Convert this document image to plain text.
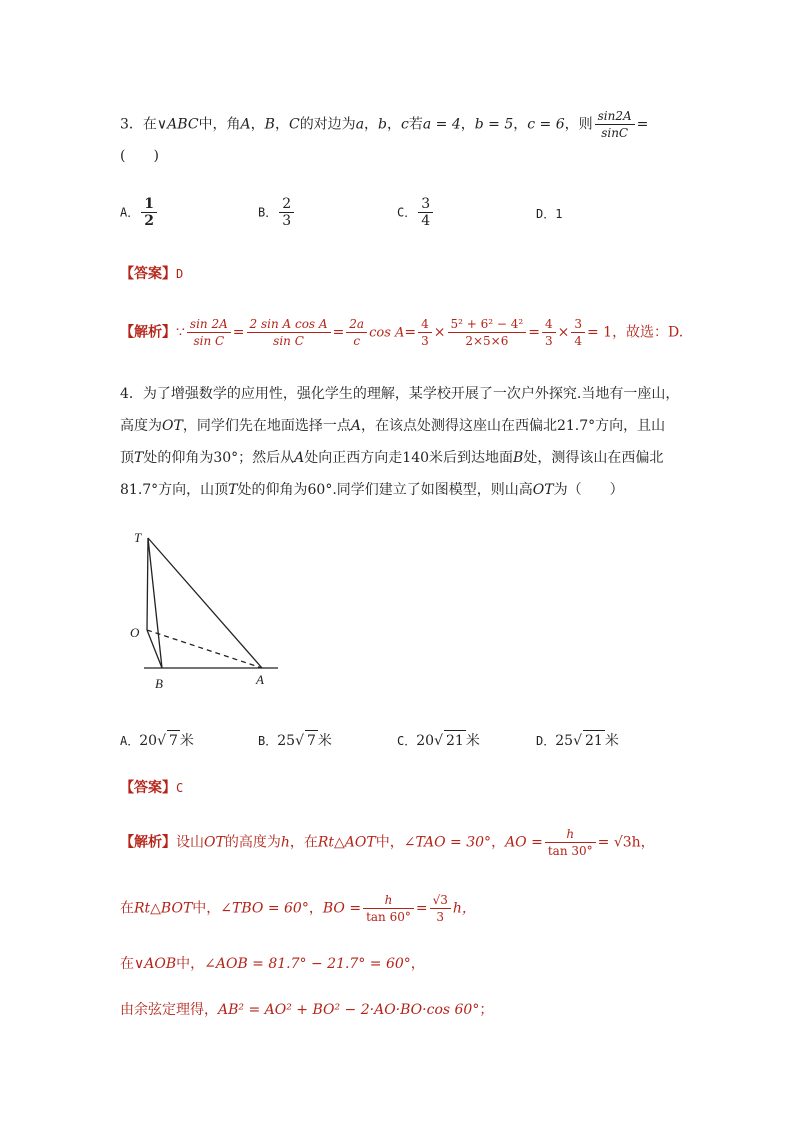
3．在∨ABC中，角A，B，C的对边为a，b，c若a = 4，b = 5，c = 6，则 $\frac{\sin 2A}{\sin C}$ =
(　　)
A． $\frac{1}{2}$	B． $\frac{2}{3}$	C． $\frac{3}{4}$	D．1
【答案】D
【解析】∵ $\frac{\sin 2A}{\text{sin C}} = \frac{\text{2 sin A cos A}}{\text{sin C}} = \frac{2a}{c}$ $\cos A= \frac{4}{3} \times \frac{\text{5² + 6² − 4²}}{2\times 5\times 6} = \frac{4}{3} \times \frac{3}{4} = 1$，故选：D.
4．为了增强数学的应用性，强化学生的理解，某学校开展了一次户外探究.当地有一座山，
高度为OT，同学们先在地面选择一点A，在该点处测得这座山在西偏北21.7°方向，且山
顶T处的仰角为30°；然后从A处向正西方向走140米后到达地面B处，测得该山在西偏北
81.7°方向，山顶T处的仰角为60°.同学们建立了如图模型，则山高OT为（　　）
T
O
B	A
A．20√ 7 米	B．25√ 7 米	C．20√ 21 米	D．25√ 21 米
【答案】C
【解析】设山OT的高度为h，在Rt△AOT中，∠TAO = 30°，AO = $\frac{h}{\tan 30^\circ} = √3h$，
在Rt△BOT中，∠TBO = 60°，BO = $\frac{h}{\tan 60^\circ} = \frac{√3}{3}$ h，
在∨AOB中，∠AOB = 81.7° − 21.7° = 60°，
由余弦定理得，AB² = AO² + BO² − 2·AO·BO·cos 60°；
